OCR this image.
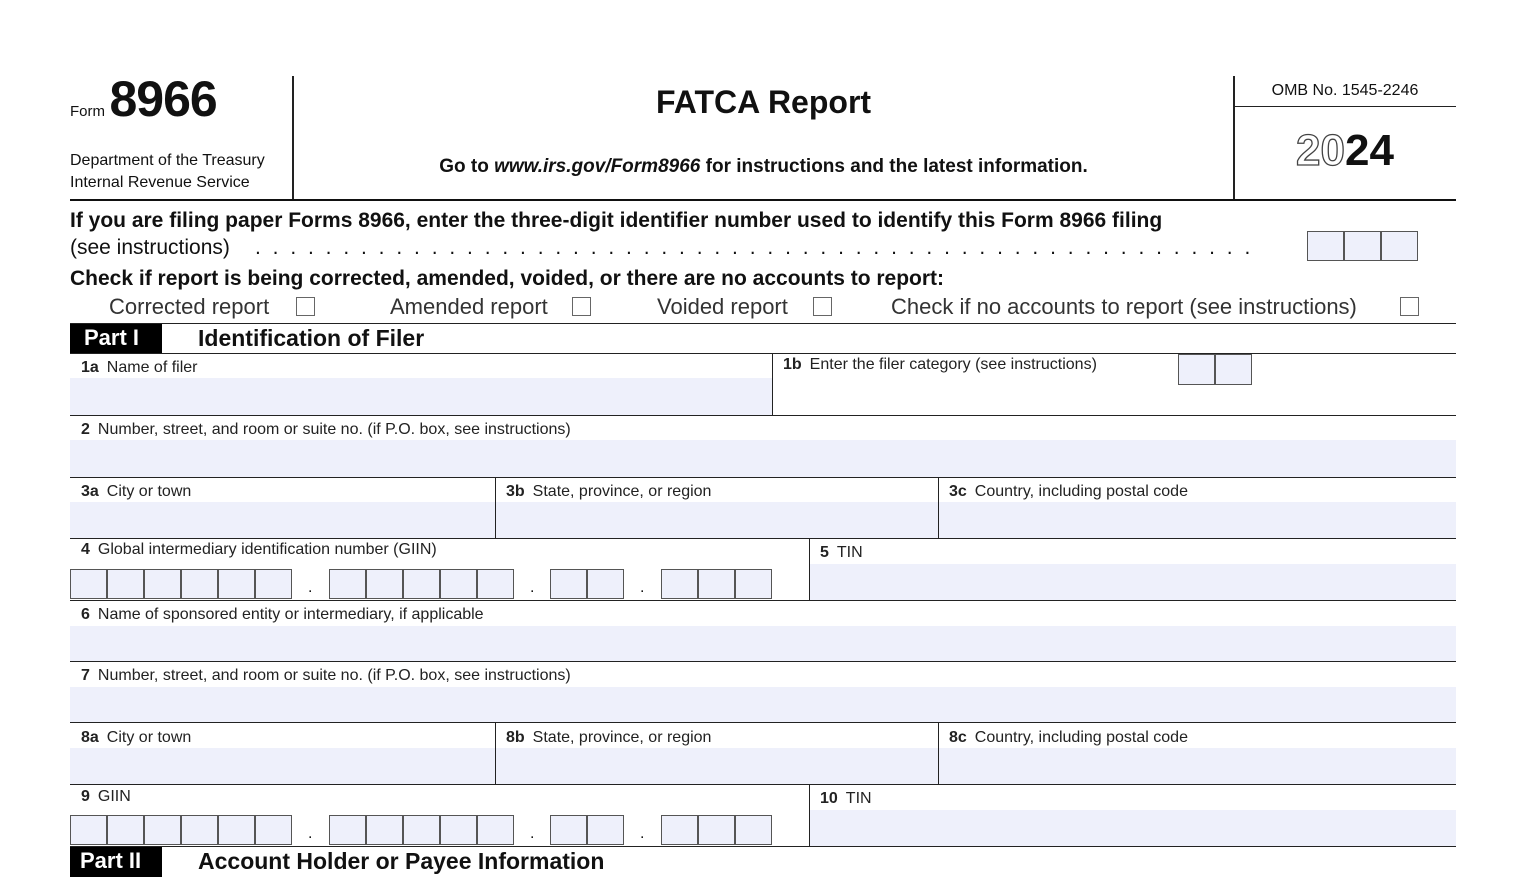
Form 8966
Department of the Treasury
Internal Revenue Service
FATCA Report
Go to www.irs.gov/Form8966 for instructions and the latest information.
OMB No. 1545-2246
2024
If you are filing paper Forms 8966, enter the three-digit identifier number used to identify this Form 8966 filing
(see instructions) . . . . . . . . . . . . . . . . . . . . . . . . . . . . . . . . . . . . . . . . . . . . . . . . . . . . . . . . .
Check if report is being corrected, amended, voided, or there are no accounts to report:
Corrected report	Amended report	Voided report	Check if no accounts to report (see instructions)
Part I	Identification of Filer
1a Name of filer	1b Enter the filer category (see instructions)
2 Number, street, and room or suite no. (if P.O. box, see instructions)
3a City or town	3b State, province, or region	3c Country, including postal code
4 Global intermediary identification number (GIIN)	5 TIN
.	.	.
6 Name of sponsored entity or intermediary, if applicable
7 Number, street, and room or suite no. (if P.O. box, see instructions)
8a City or town	8b State, province, or region	8c Country, including postal code
9 GIIN	10 TIN
.	.	.
Part II	Account Holder or Payee Information
